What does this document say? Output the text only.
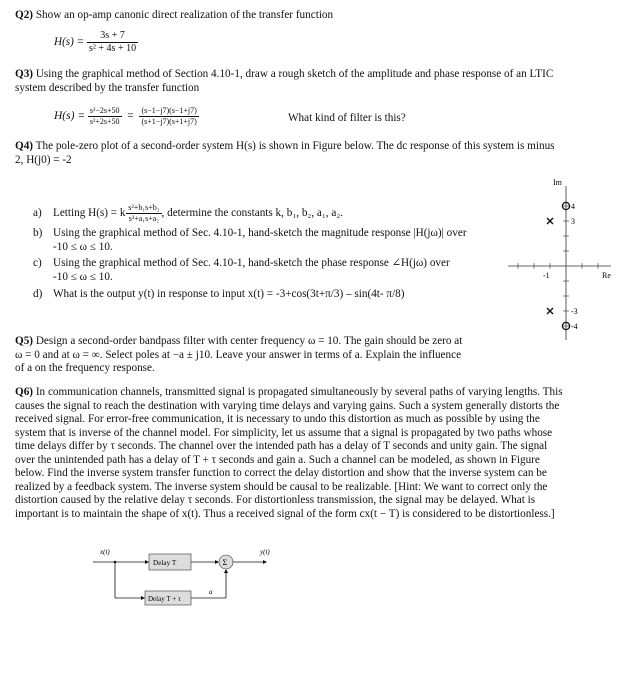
Q2) Show an op-amp canonic direct realization of the transfer function
$H(s) = \frac{3s + 7}{\text{s² + 4s + 10}}$
Q3) Using the graphical method of Section 4.10-1, draw a rough sketch of the amplitude and phase response of an LTIC
system described by the transfer function
$H(s) = \frac{\text{s²−2s+50}}{\text{s²+2s+50}} = \frac{(s-1-j7)(s-1+j7)}{(s+1-j7)(s+1+j7)}$	What kind of filter is this?
Q4) The pole-zero plot of a second-order system H(s) is shown in Figure below. The dc response of this system is minus
2, H(j0) = -2
a) Letting H(s) = k $\frac{\text{s²+b₁s+b₂}}{\text{s²+a₁s+a₂}}$ , determine the constants k, b₁, b₂, a₁, a₂.
b) Using the graphical method of Sec. 4.10-1, hand-sketch the magnitude response |H(jω)| over
-10 ≤ ω ≤ 10.
c) Using the graphical method of Sec. 4.10-1, hand-sketch the phase response ∠H(jω) over
-10 ≤ ω ≤ 10.
d) What is the output y(t) in response to input x(t) = -3+cos(3t+π/3) – sin(4t- π/8)
Im
Re
4
3
-1
-3
-4
Q5) Design a second-order bandpass filter with center frequency ω = 10. The gain should be zero at
ω = 0 and at ω = ∞. Select poles at −a ± j10. Leave your answer in terms of a. Explain the influence
of a on the frequency response.
Q6) In communication channels, transmitted signal is propagated simultaneously by several paths of varying lengths. This
causes the signal to reach the destination with varying time delays and varying gains. Such a system generally distorts the
received signal. For error-free communication, it is necessary to undo this distortion as much as possible by using the
system that is inverse of the channel model. For simplicity, let us assume that a signal is propagated by two paths whose
time delays differ by τ seconds. The channel over the intended path has a delay of T seconds and unity gain. The signal
over the unintended path has a delay of T + τ seconds and gain a. Such a channel can be modeled, as shown in Figure
below. Find the inverse system transfer function to correct the delay distortion and show that the inverse system can be
realized by a feedback system. The inverse system should be causal to be realizable. [Hint: We want to correct only the
distortion caused by the relative delay τ seconds. For distortionless transmission, the signal may be delayed. What is
important is to maintain the shape of x(t). Thus a received signal of the form cx(t − T) is considered to be distortionless.]
x(t)	y(t)
Delay T	Σ
Delay T + τ
a
